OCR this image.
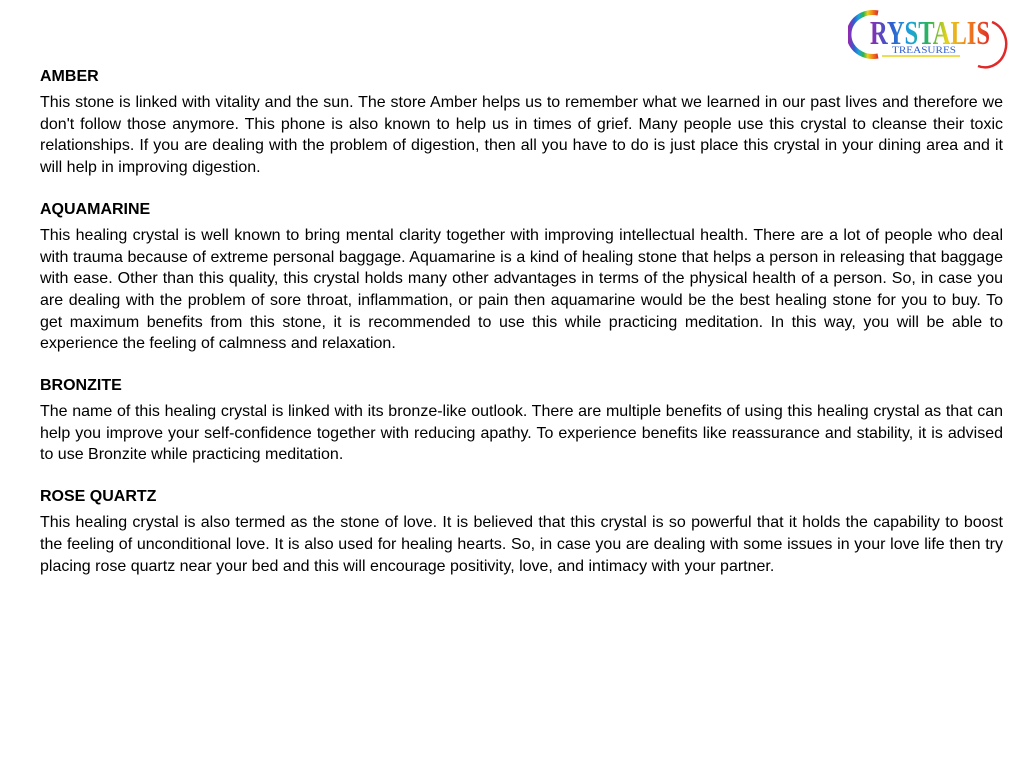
RYSTALIS
TREASURES
AMBER

This stone is linked with vitality and the sun. The store Amber helps us to remember what we learned in our past lives and therefore we don't follow those anymore. This phone is also known to help us in times of grief. Many people use this crystal to cleanse their toxic relationships. If you are dealing with the problem of digestion, then all you have to do is just place this crystal in your dining area and it will help in improving digestion.

AQUAMARINE

This healing crystal is well known to bring mental clarity together with improving intellectual health. There are a lot of people who deal with trauma because of extreme personal baggage. Aquamarine is a kind of healing stone that helps a person in releasing that baggage with ease. Other than this quality, this crystal holds many other advantages in terms of the physical health of a person. So, in case you are dealing with the problem of sore throat, inflammation, or pain then aquamarine would be the best healing stone for you to buy. To get maximum benefits from this stone, it is recommended to use this while practicing meditation. In this way, you will be able to experience the feeling of calmness and relaxation.

BRONZITE

The name of this healing crystal is linked with its bronze-like outlook. There are multiple benefits of using this healing crystal as that can help you improve your self-confidence together with reducing apathy. To experience benefits like reassurance and stability, it is advised to use Bronzite while practicing meditation.

ROSE QUARTZ

This healing crystal is also termed as the stone of love. It is believed that this crystal is so powerful that it holds the capability to boost the feeling of unconditional love. It is also used for healing hearts. So, in case you are dealing with some issues in your love life then try placing rose quartz near your bed and this will encourage positivity, love, and intimacy with your partner.
